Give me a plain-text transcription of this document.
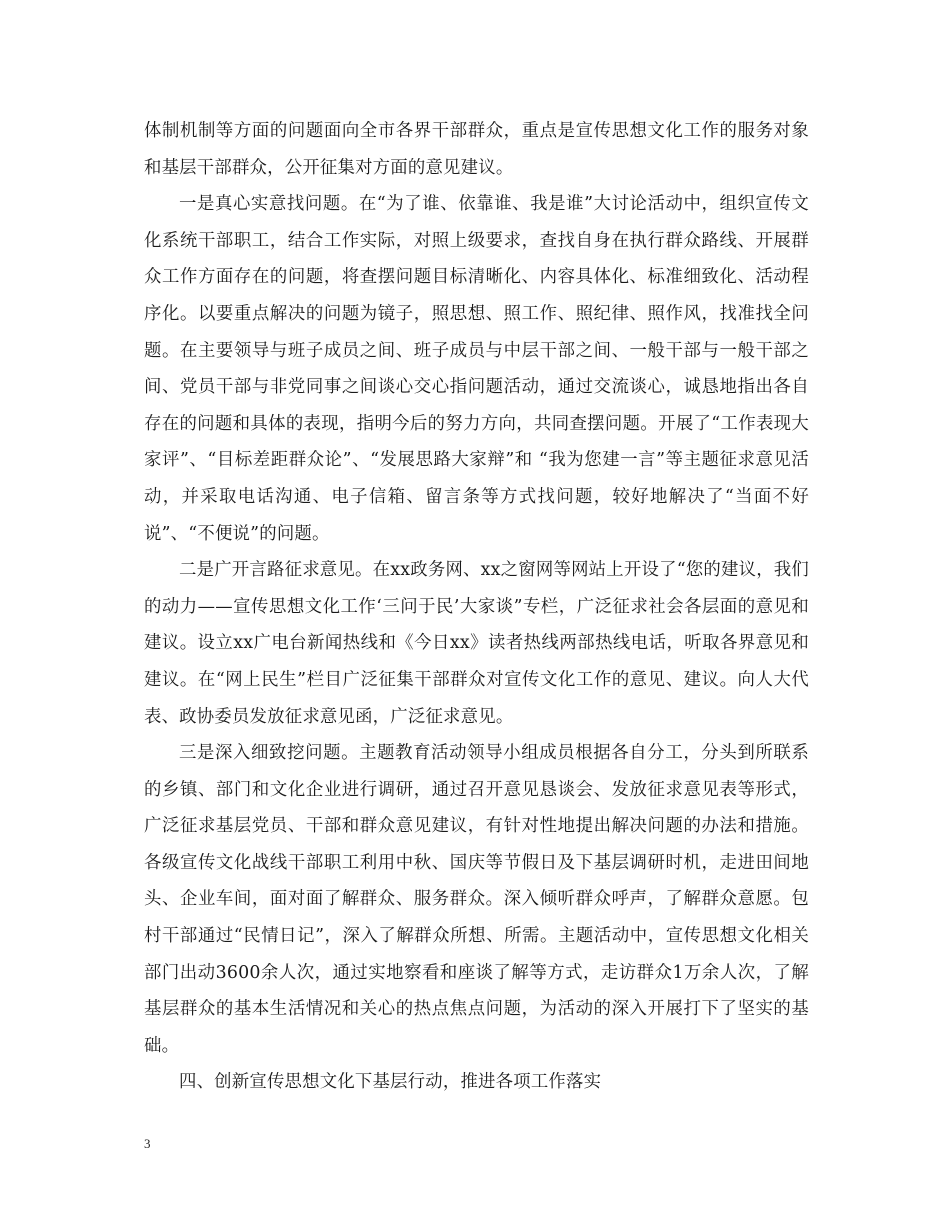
体制机制等方面的问题面向全市各界干部群众，重点是宣传思想文化工作的服务对象和基层干部群众，公开征集对方面的意见建议。

一是真心实意找问题。在“为了谁、依靠谁、我是谁”大讨论活动中，组织宣传文化系统干部职工，结合工作实际，对照上级要求，查找自身在执行群众路线、开展群众工作方面存在的问题，将查摆问题目标清晰化、内容具体化、标准细致化、活动程序化。以要重点解决的问题为镜子，照思想、照工作、照纪律、照作风，找准找全问题。在主要领导与班子成员之间、班子成员与中层干部之间、一般干部与一般干部之间、党员干部与非党同事之间谈心交心指问题活动，通过交流谈心，诚恳地指出各自存在的问题和具体的表现，指明今后的努力方向，共同查摆问题。开展了“工作表现大家评”、“目标差距群众论”、“发展思路大家辩”和 “我为您建一言”等主题征求意见活动，并采取电话沟通、电子信箱、留言条等方式找问题，较好地解决了“当面不好说”、“不便说”的问题。

二是广开言路征求意见。在xx政务网、xx之窗网等网站上开设了“您的建议，我们的动力——宣传思想文化工作‘三问于民’大家谈”专栏，广泛征求社会各层面的意见和建议。设立xx广电台新闻热线和《今日xx》读者热线两部热线电话，听取各界意见和建议。在“网上民生”栏目广泛征集干部群众对宣传文化工作的意见、建议。向人大代表、政协委员发放征求意见函，广泛征求意见。

三是深入细致挖问题。主题教育活动领导小组成员根据各自分工，分头到所联系的乡镇、部门和文化企业进行调研，通过召开意见恳谈会、发放征求意见表等形式，广泛征求基层党员、干部和群众意见建议，有针对性地提出解决问题的办法和措施。各级宣传文化战线干部职工利用中秋、国庆等节假日及下基层调研时机，走进田间地头、企业车间，面对面了解群众、服务群众。深入倾听群众呼声，了解群众意愿。包村干部通过“民情日记”，深入了解群众所想、所需。主题活动中，宣传思想文化相关部门出动3600余人次，通过实地察看和座谈了解等方式，走访群众1万余人次，了解基层群众的基本生活情况和关心的热点焦点问题，为活动的深入开展打下了坚实的基础。

四、创新宣传思想文化下基层行动，推进各项工作落实

3
